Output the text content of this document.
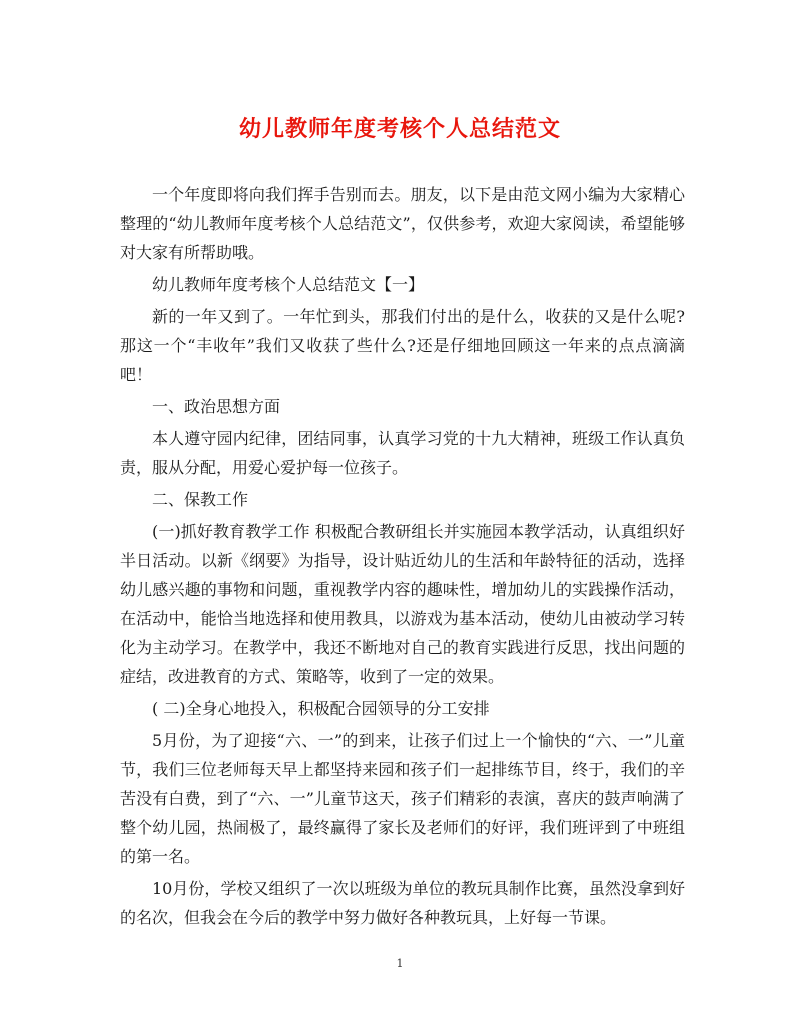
幼儿教师年度考核个人总结范文

一个年度即将向我们挥手告别而去。朋友，以下是由范文网小编为大家精心整理的“幼儿教师年度考核个人总结范文”，仅供参考，欢迎大家阅读，希望能够对大家有所帮助哦。

幼儿教师年度考核个人总结范文【一】

新的一年又到了。一年忙到头，那我们付出的是什么，收获的又是什么呢?那这一个“丰收年”我们又收获了些什么?还是仔细地回顾这一年来的点点滴滴吧！

一、政治思想方面

本人遵守园内纪律，团结同事，认真学习党的十九大精神，班级工作认真负责，服从分配，用爱心爱护每一位孩子。

二、保教工作

(一)抓好教育教学工作 积极配合教研组长并实施园本教学活动，认真组织好半日活动。以新《纲要》为指导，设计贴近幼儿的生活和年龄特征的活动，选择幼儿感兴趣的事物和问题，重视教学内容的趣味性，增加幼儿的实践操作活动，在活动中，能恰当地选择和使用教具，以游戏为基本活动，使幼儿由被动学习转化为主动学习。在教学中，我还不断地对自己的教育实践进行反思，找出问题的症结，改进教育的方式、策略等，收到了一定的效果。

( 二)全身心地投入，积极配合园领导的分工安排

5月份，为了迎接“六、一”的到来，让孩子们过上一个愉快的“六、一”儿童节，我们三位老师每天早上都坚持来园和孩子们一起排练节目，终于，我们的辛苦没有白费，到了“六、一”儿童节这天，孩子们精彩的表演，喜庆的鼓声响满了整个幼儿园，热闹极了，最终赢得了家长及老师们的好评，我们班评到了中班组的第一名。

10月份，学校又组织了一次以班级为单位的教玩具制作比赛，虽然没拿到好的名次，但我会在今后的教学中努力做好各种教玩具，上好每一节课。

1
